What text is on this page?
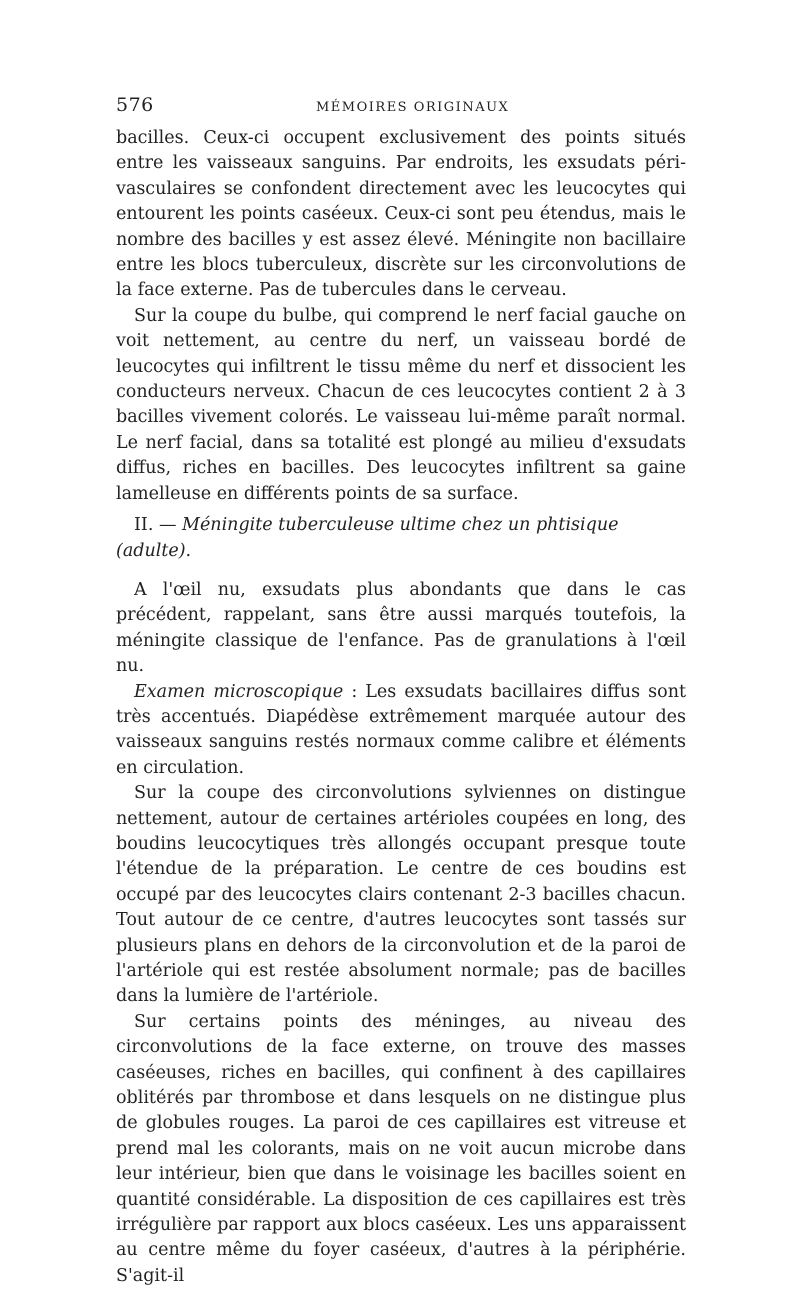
576	MÉMOIRES ORIGINAUX

bacilles. Ceux-ci occupent exclusivement des points situés entre les vaisseaux sanguins. Par endroits, les exsudats péri-vasculaires se confondent directement avec les leucocytes qui entourent les points caséeux. Ceux-ci sont peu étendus, mais le nombre des bacilles y est assez élevé. Méningite non bacillaire entre les blocs tuberculeux, discrète sur les circonvolutions de la face externe. Pas de tubercules dans le cerveau.

Sur la coupe du bulbe, qui comprend le nerf facial gauche on voit nettement, au centre du nerf, un vaisseau bordé de leucocytes qui infiltrent le tissu même du nerf et dissocient les conducteurs nerveux. Chacun de ces leucocytes contient 2 à 3 bacilles vivement colorés. Le vaisseau lui-même paraît normal. Le nerf facial, dans sa totalité est plongé au milieu d'exsudats diffus, riches en bacilles. Des leucocytes infiltrent sa gaine lamelleuse en différents points de sa surface.

II. — Méningite tuberculeuse ultime chez un phtisique (adulte).

A l'œil nu, exsudats plus abondants que dans le cas précédent, rappelant, sans être aussi marqués toutefois, la méningite classique de l'enfance. Pas de granulations à l'œil nu.

Examen microscopique : Les exsudats bacillaires diffus sont très accentués. Diapédèse extrêmement marquée autour des vaisseaux sanguins restés normaux comme calibre et éléments en circulation.

Sur la coupe des circonvolutions sylviennes on distingue nettement, autour de certaines artérioles coupées en long, des boudins leucocytiques très allongés occupant presque toute l'étendue de la préparation. Le centre de ces boudins est occupé par des leucocytes clairs contenant 2-3 bacilles chacun. Tout autour de ce centre, d'autres leucocytes sont tassés sur plusieurs plans en dehors de la circonvolution et de la paroi de l'artériole qui est restée absolument normale; pas de bacilles dans la lumière de l'artériole.

Sur certains points des méninges, au niveau des circonvolutions de la face externe, on trouve des masses caséeuses, riches en bacilles, qui confinent à des capillaires oblitérés par thrombose et dans lesquels on ne distingue plus de globules rouges. La paroi de ces capillaires est vitreuse et prend mal les colorants, mais on ne voit aucun microbe dans leur intérieur, bien que dans le voisinage les bacilles soient en quantité considérable. La disposition de ces capillaires est très irrégulière par rapport aux blocs caséeux. Les uns apparaissent au centre même du foyer caséeux, d'autres à la périphérie. S'agit-il
